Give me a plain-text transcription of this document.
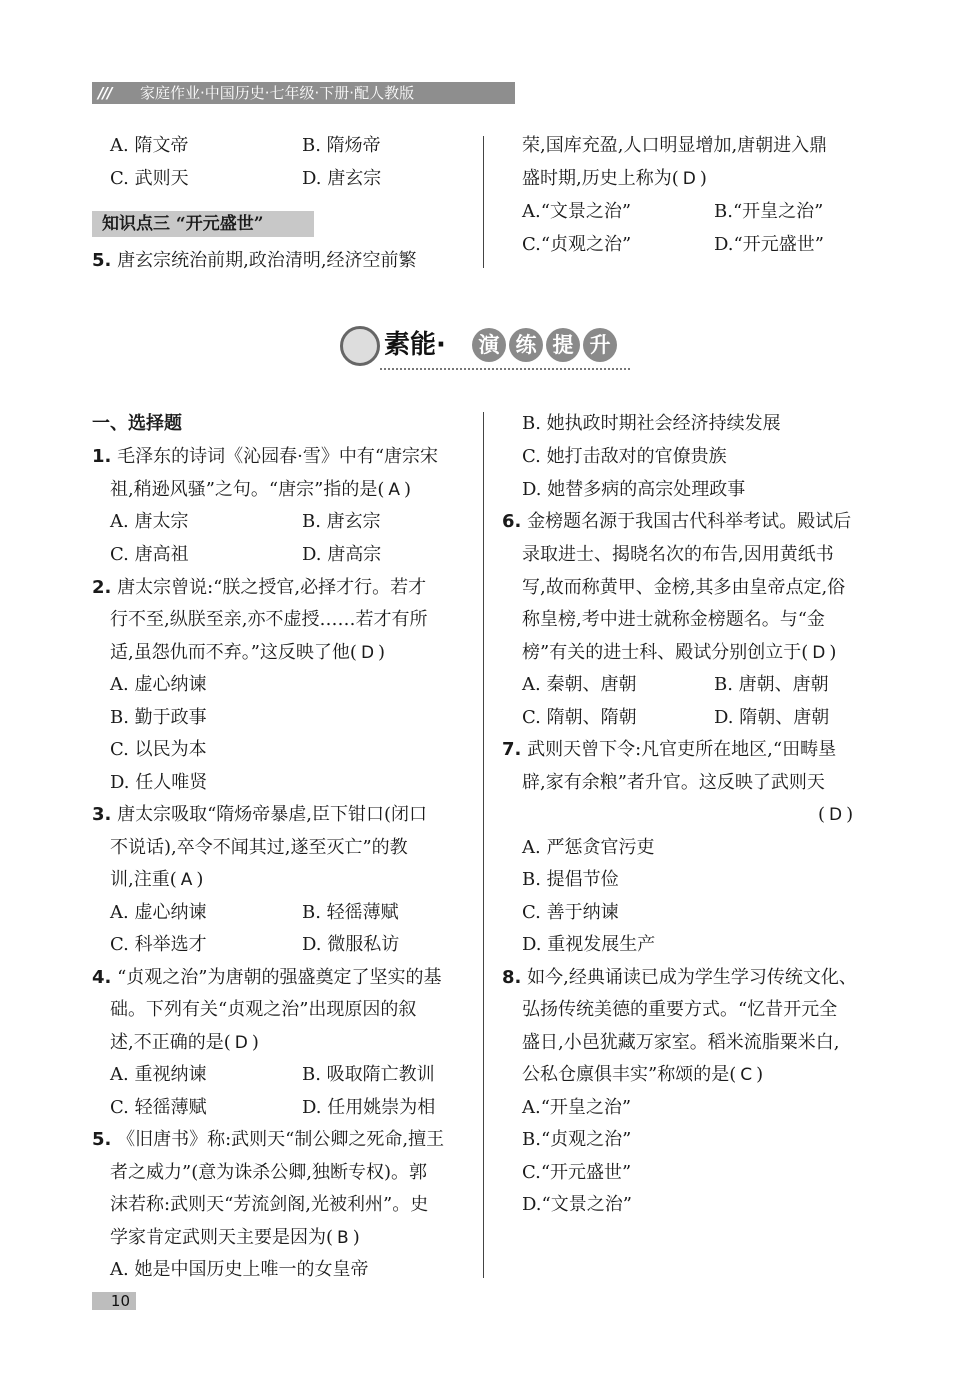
/// 家庭作业·中国历史·七年级·下册·配人教版
A. 隋文帝	B. 隋炀帝
C. 武则天	D. 唐玄宗
知识点三 “开元盛世”
5. 唐玄宗统治前期,政治清明,经济空前繁
荣,国库充盈,人口明显增加,唐朝进入鼎
盛时期,历史上称为( D )
A.“文景之治”	B.“开皇之治”
C.“贞观之治”	D.“开元盛世”
素能·	演 练 提 升
一、选择题
1. 毛泽东的诗词《沁园春·雪》中有“唐宗宋
祖,稍逊风骚”之句。“唐宗”指的是( A )
A. 唐太宗	B. 唐玄宗
C. 唐高祖	D. 唐高宗
2. 唐太宗曾说:“朕之授官,必择才行。若才
行不至,纵朕至亲,亦不虚授……若才有所
适,虽怨仇而不弃。”这反映了他( D )
A. 虚心纳谏
B. 勤于政事
C. 以民为本
D. 任人唯贤
3. 唐太宗吸取“隋炀帝暴虐,臣下钳口(闭口
不说话),卒令不闻其过,遂至灭亡”的教
训,注重( A )
A. 虚心纳谏	B. 轻徭薄赋
C. 科举选才	D. 微服私访
4. “贞观之治”为唐朝的强盛奠定了坚实的基
础。下列有关“贞观之治”出现原因的叙
述,不正确的是( D )
A. 重视纳谏	B. 吸取隋亡教训
C. 轻徭薄赋	D. 任用姚崇为相
5. 《旧唐书》称:武则天“制公卿之死命,擅王
者之威力”(意为诛杀公卿,独断专权)。郭
沫若称:武则天“芳流剑阁,光被利州”。史
学家肯定武则天主要是因为( B )
A. 她是中国历史上唯一的女皇帝
B. 她执政时期社会经济持续发展
C. 她打击敌对的官僚贵族
D. 她替多病的高宗处理政事
6. 金榜题名源于我国古代科举考试。殿试后
录取进士、揭晓名次的布告,因用黄纸书
写,故而称黄甲、金榜,其多由皇帝点定,俗
称皇榜,考中进士就称金榜题名。与“金
榜”有关的进士科、殿试分别创立于( D )
A. 秦朝、唐朝	B. 唐朝、唐朝
C. 隋朝、隋朝	D. 隋朝、唐朝
7. 武则天曾下令:凡官吏所在地区,“田畴垦
辟,家有余粮”者升官。这反映了武则天
( D )
A. 严惩贪官污吏
B. 提倡节俭
C. 善于纳谏
D. 重视发展生产
8. 如今,经典诵读已成为学生学习传统文化、
弘扬传统美德的重要方式。“忆昔开元全
盛日,小邑犹藏万家室。稻米流脂粟米白,
公私仓廪俱丰实”称颂的是( C )
A.“开皇之治”
B.“贞观之治”
C.“开元盛世”
D.“文景之治”
10
